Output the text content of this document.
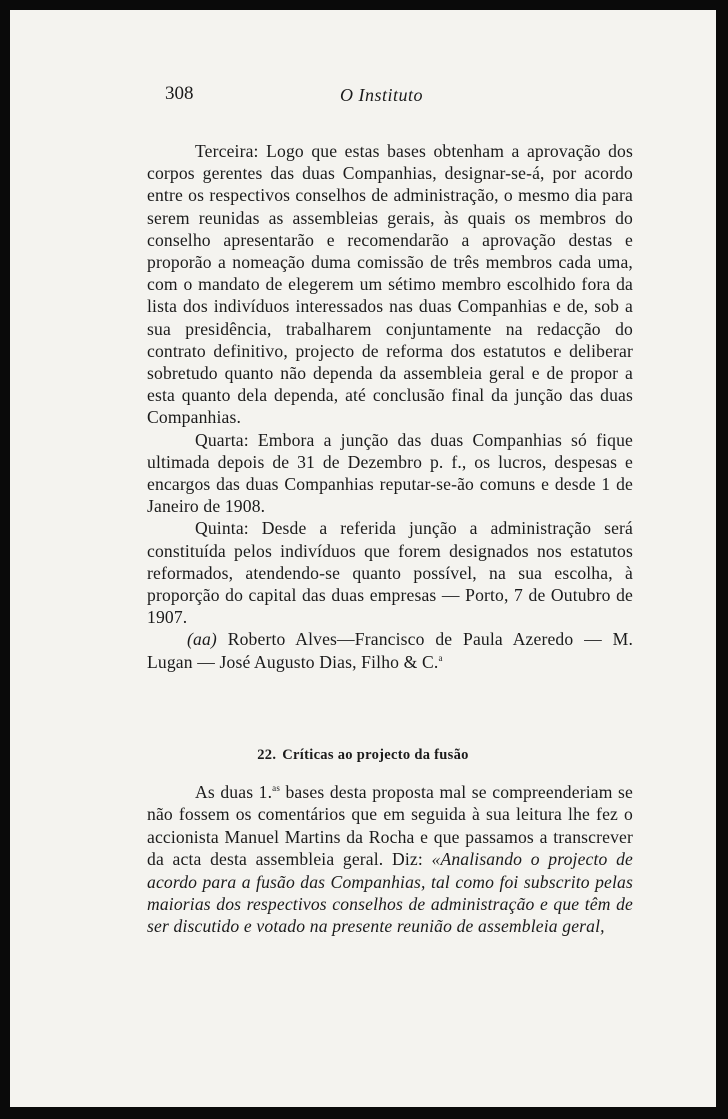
308	O Instituto

Terceira: Logo que estas bases obtenham a aprovação dos corpos gerentes das duas Companhias, designar-se-á, por acordo entre os respectivos conselhos de administração, o mesmo dia para serem reunidas as assembleias gerais, às quais os membros do conselho apresentarão e recomendarão a aprovação destas e proporão a nomeação duma comissão de três membros cada uma, com o mandato de elegerem um sétimo membro escolhido fora da lista dos indivíduos interessados nas duas Companhias e de, sob a sua presidência, trabalharem conjuntamente na redacção do contrato definitivo, projecto de reforma dos estatutos e deliberar sobretudo quanto não dependa da assembleia geral e de propor a esta quanto dela dependa, até conclusão final da junção das duas Companhias.

Quarta: Embora a junção das duas Companhias só fique ultimada depois de 31 de Dezembro p. f., os lucros, despesas e encargos das duas Companhias reputar-se-ão comuns e desde 1 de Janeiro de 1908.

Quinta: Desde a referida junção a administração será constituída pelos indivíduos que forem designados nos estatutos reformados, atendendo-se quanto possível, na sua escolha, à proporção do capital das duas empresas — Porto, 7 de Outubro de 1907.

(aa) Roberto Alves—Francisco de Paula Azeredo — M. Lugan — José Augusto Dias, Filho & C.$^a$

22. Críticas ao projecto da fusão

As duas 1.$^{as}$ bases desta proposta mal se compreenderiam se não fossem os comentários que em seguida à sua leitura lhe fez o accionista Manuel Martins da Rocha e que passamos a transcrever da acta desta assembleia geral. Diz: «Analisando o projecto de acordo para a fusão das Companhias, tal como foi subscrito pelas maiorias dos respectivos conselhos de administração e que têm de ser discutido e votado na presente reunião de assembleia geral,
